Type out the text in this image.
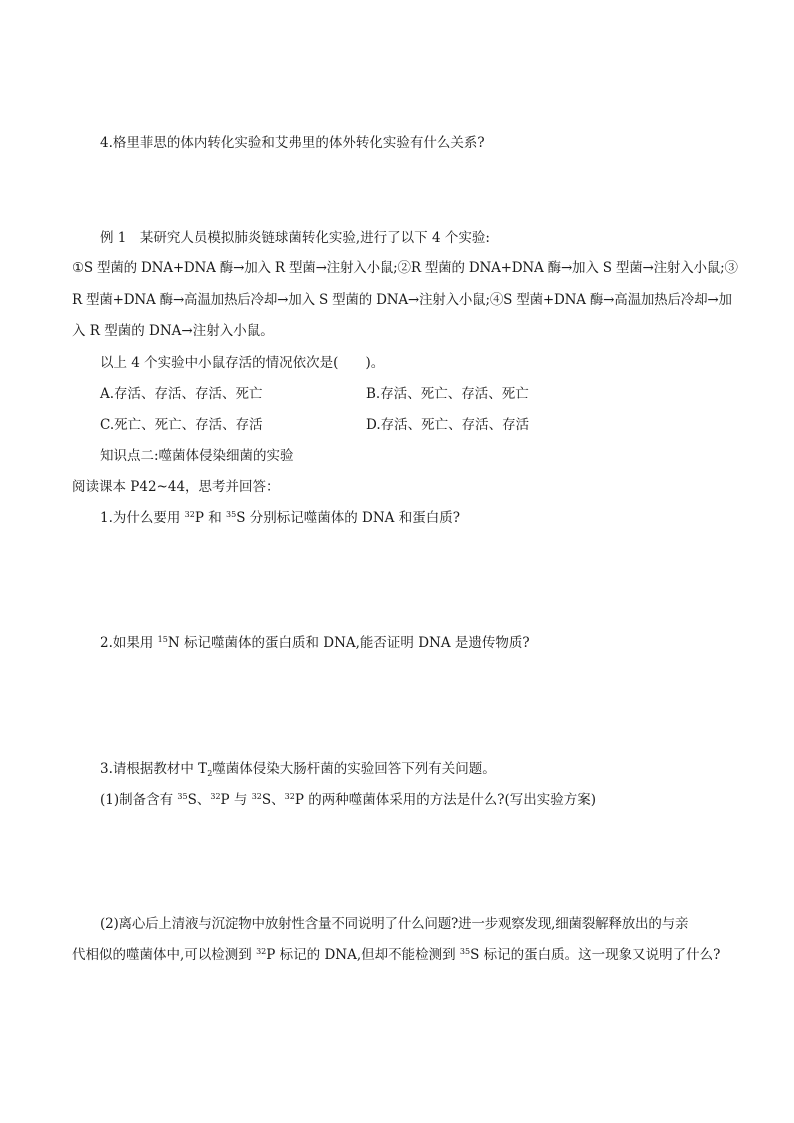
4.格里菲思的体内转化实验和艾弗里的体外转化实验有什么关系?
例 1　某研究人员模拟肺炎链球菌转化实验,进行了以下 4 个实验:
①S 型菌的 DNA+DNA 酶→加入 R 型菌→注射入小鼠;②R 型菌的 DNA+DNA 酶→加入 S 型菌→注射入小鼠;③
R 型菌+DNA 酶→高温加热后冷却→加入 S 型菌的 DNA→注射入小鼠;④S 型菌+DNA 酶→高温加热后冷却→加
入 R 型菌的 DNA→注射入小鼠。
以上 4 个实验中小鼠存活的情况依次是(　　)。
A.存活、存活、存活、死亡	B.存活、死亡、存活、死亡
C.死亡、死亡、存活、存活	D.存活、死亡、存活、存活
知识点二:噬菌体侵染细菌的实验
阅读课本 P42~44，思考并回答：
1.为什么要用 $^{32}$P 和 $^{35}$S 分别标记噬菌体的 DNA 和蛋白质?
2.如果用 $^{15}$N 标记噬菌体的蛋白质和 DNA,能否证明 DNA 是遗传物质?
3.请根据教材中 $T_2$噬菌体侵染大肠杆菌的实验回答下列有关问题。
(1)制备含有 $^{35}$S、$^{32}$P 与 $^{32}$S、$^{32}$P 的两种噬菌体采用的方法是什么?(写出实验方案)
(2)离心后上清液与沉淀物中放射性含量不同说明了什么问题?进一步观察发现,细菌裂解释放出的与亲
代相似的噬菌体中,可以检测到 $^{32}$P 标记的 DNA,但却不能检测到 $^{35}$S 标记的蛋白质。这一现象又说明了什么?
